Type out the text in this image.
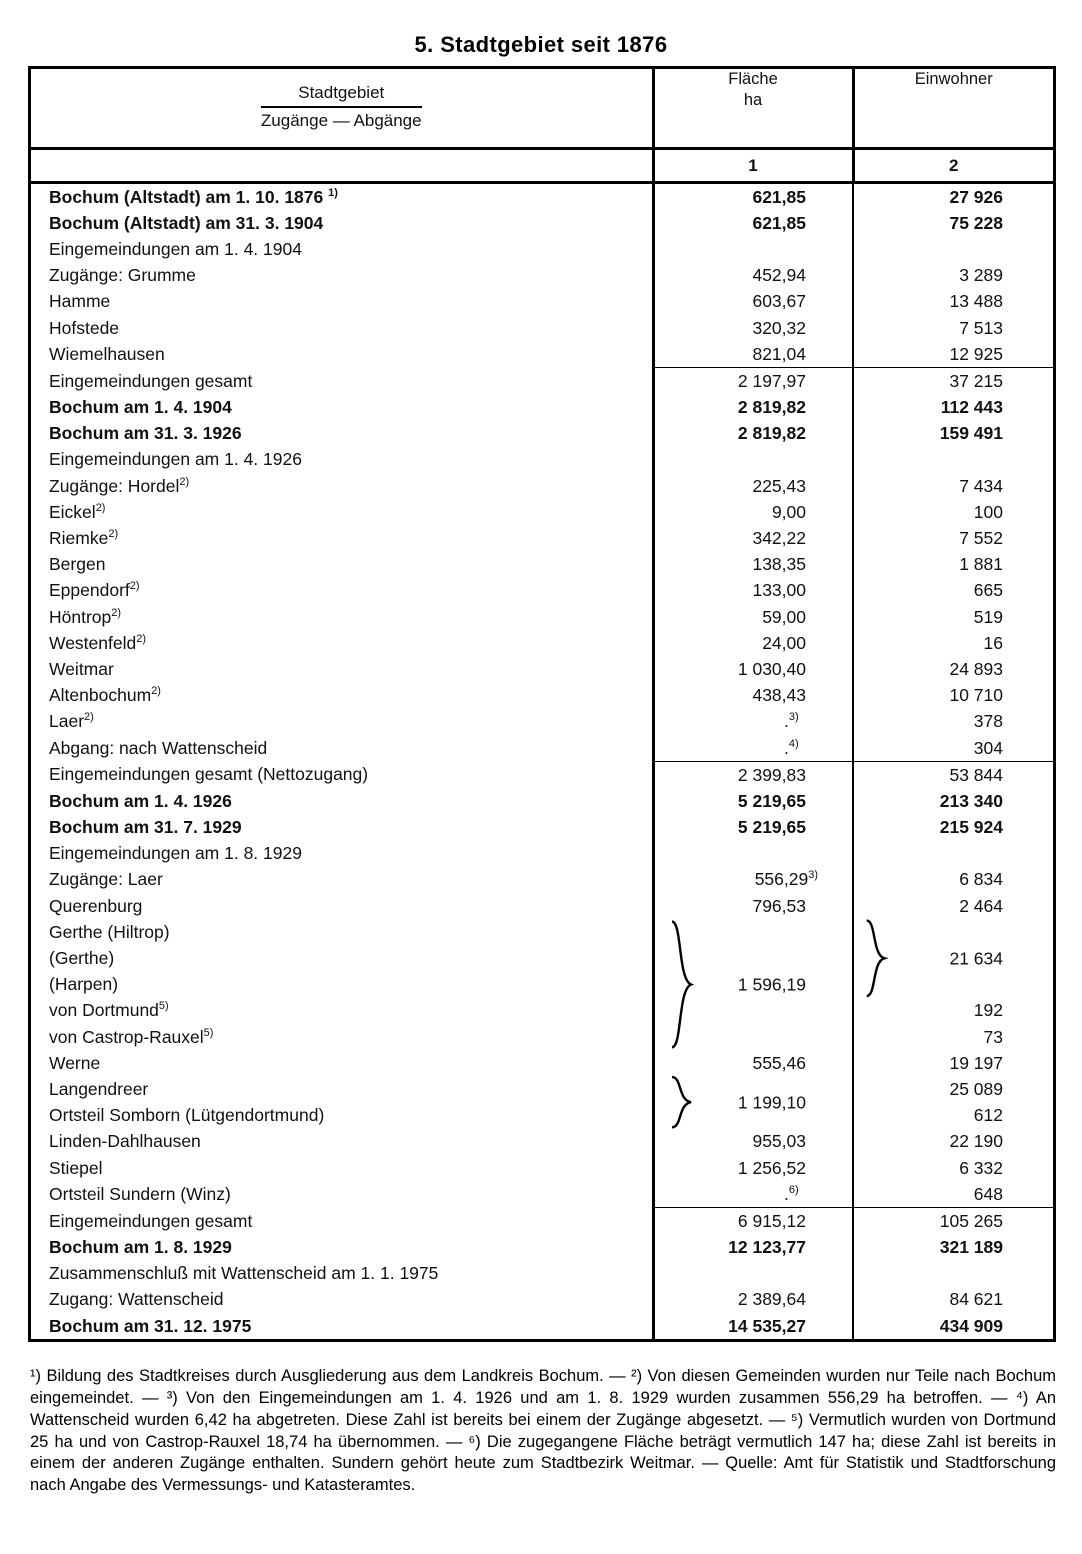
5. Stadtgebiet seit 1876
Stadtgebiet
Zugänge — Abgänge

Fläche
ha

Einwohner

	1	2
Bochum (Altstadt) am 1. 10. 1876 $^{1)}$	621,85	27 926
Bochum (Altstadt) am 31. 3. 1904	621,85	75 228
Eingemeindungen am 1. 4. 1904		
Zugänge: Grumme	452,94	3 289
Hamme	603,67	13 488
Hofstede	320,32	7 513
Wiemelhausen	821,04	12 925
Eingemeindungen gesamt	2 197,97	37 215
Bochum am 1. 4. 1904	2 819,82	112 443
Bochum am 31. 3. 1926	2 819,82	159 491
Eingemeindungen am 1. 4. 1926		
Zugänge: Hordel$^{2)}$	225,43	7 434
Eickel$^{2)}$	9,00	100
Riemke$^{2)}$	342,22	7 552
Bergen	138,35	1 881
Eppendorf$^{2)}$	133,00	665
Höntrop$^{2)}$	59,00	519
Westenfeld$^{2)}$	24,00	16
Weitmar	1 030,40	24 893
Altenbochum$^{2)}$	438,43	10 710
Laer$^{2)}$	.$^{3)}$	378
Abgang: nach Wattenscheid	.$^{4)}$	304
Eingemeindungen gesamt (Nettozugang)	2 399,83	53 844
Bochum am 1. 4. 1926	5 219,65	213 340
Bochum am 31. 7. 1929	5 219,65	215 924
Eingemeindungen am 1. 8. 1929		
Zugänge: Laer	556,29$^{3)}$	6 834
Querenburg	796,53	2 464
Gerthe (Hiltrop)	1 596,19	21 634

(Gerthe)		
(Harpen)		
von Dortmund$^{5)}$		192
von Castrop-Rauxel$^{5)}$		73
Werne	555,46	19 197
Langendreer	1 199,10	25 089
Ortsteil Somborn (Lütgendortmund)		612
Linden-Dahlhausen	955,03	22 190
Stiepel	1 256,52	6 332
Ortsteil Sundern (Winz)	.$^{6)}$	648
Eingemeindungen gesamt	6 915,12	105 265
Bochum am 1. 8. 1929	12 123,77	321 189
Zusammenschluß mit Wattenscheid am 1. 1. 1975		
Zugang: Wattenscheid	2 389,64	84 621
Bochum am 31. 12. 1975	14 535,27	434 909

¹) Bildung des Stadtkreises durch Ausgliederung aus dem Landkreis Bochum. — ²) Von diesen Gemeinden wurden nur Teile nach Bochum eingemeindet. — ³) Von den Eingemeindungen am 1. 4. 1926 und am 1. 8. 1929 wurden zusammen 556,29 ha betroffen. — ⁴) An Wattenscheid wurden 6,42 ha abgetreten. Diese Zahl ist bereits bei einem der Zugänge abgesetzt. — ⁵) Vermutlich wurden von Dortmund 25 ha und von Castrop-Rauxel 18,74 ha übernommen. — ⁶) Die zugegangene Fläche beträgt vermutlich 147 ha; diese Zahl ist bereits in einem der anderen Zugänge enthalten. Sundern gehört heute zum Stadtbezirk Weitmar. — Quelle: Amt für Statistik und Stadtforschung nach Angabe des Vermessungs- und Katasteramtes.
